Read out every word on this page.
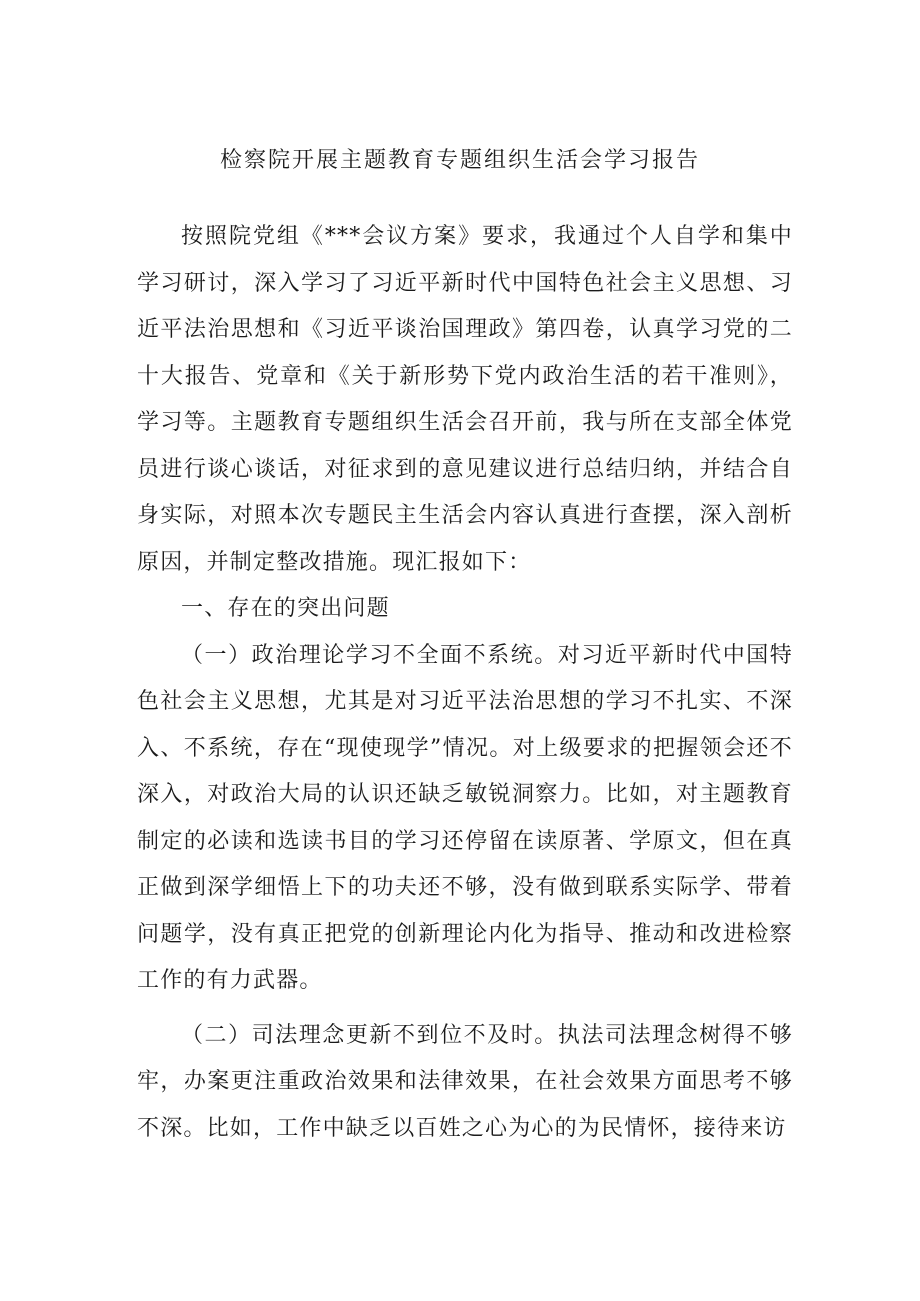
检察院开展主题教育专题组织生活会学习报告

按照院党组《***会议方案》要求，我通过个人自学和集中学习研讨，深入学习了习近平新时代中国特色社会主义思想、习近平法治思想和《习近平谈治国理政》第四卷，认真学习党的二十大报告、党章和《关于新形势下党内政治生活的若干准则》，学习等。主题教育专题组织生活会召开前，我与所在支部全体党员进行谈心谈话，对征求到的意见建议进行总结归纳，并结合自身实际，对照本次专题民主生活会内容认真进行查摆，深入剖析原因，并制定整改措施。现汇报如下：

一、存在的突出问题

（一）政治理论学习不全面不系统。对习近平新时代中国特色社会主义思想，尤其是对习近平法治思想的学习不扎实、不深入、不系统，存在“现使现学”情况。对上级要求的把握领会还不深入，对政治大局的认识还缺乏敏锐洞察力。比如，对主题教育制定的必读和选读书目的学习还停留在读原著、学原文，但在真正做到深学细悟上下的功夫还不够，没有做到联系实际学、带着问题学，没有真正把党的创新理论内化为指导、推动和改进检察工作的有力武器。

（二）司法理念更新不到位不及时。执法司法理念树得不够牢，办案更注重政治效果和法律效果，在社会效果方面思考不够不深。比如，工作中缺乏以百姓之心为心的为民情怀，接待来访
